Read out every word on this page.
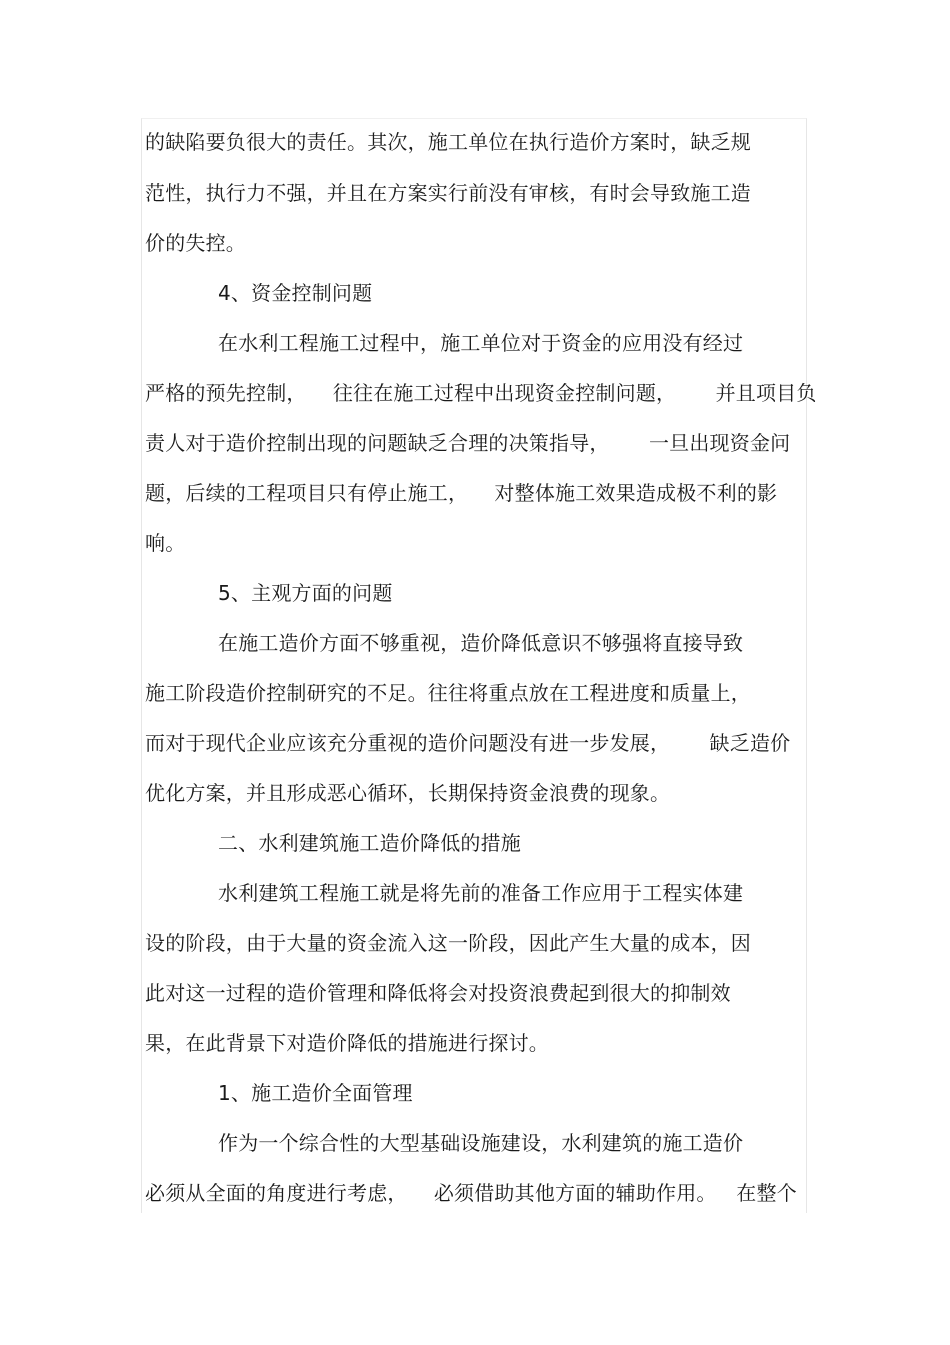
的缺陷要负很大的责任。其次，施工单位在执行造价方案时，缺乏规
范性，执行力不强，并且在方案实行前没有审核，有时会导致施工造
价的失控。
4、资金控制问题
在水利工程施工过程中，施工单位对于资金的应用没有经过
严格的预先控制，    往往在施工过程中出现资金控制问题，      并且项目负
责人对于造价控制出现的问题缺乏合理的决策指导，      一旦出现资金问
题，后续的工程项目只有停止施工，    对整体施工效果造成极不利的影
响。
5、主观方面的问题
在施工造价方面不够重视，造价降低意识不够强将直接导致
施工阶段造价控制研究的不足。往往将重点放在工程进度和质量上，
而对于现代企业应该充分重视的造价问题没有进一步发展，      缺乏造价
优化方案，并且形成恶心循环，长期保持资金浪费的现象。
二、水利建筑施工造价降低的措施
水利建筑工程施工就是将先前的准备工作应用于工程实体建
设的阶段，由于大量的资金流入这一阶段，因此产生大量的成本，因
此对这一过程的造价管理和降低将会对投资浪费起到很大的抑制效
果，在此背景下对造价降低的措施进行探讨。
1、施工造价全面管理
作为一个综合性的大型基础设施建设，水利建筑的施工造价
必须从全面的角度进行考虑，    必须借助其他方面的辅助作用。   在整个
